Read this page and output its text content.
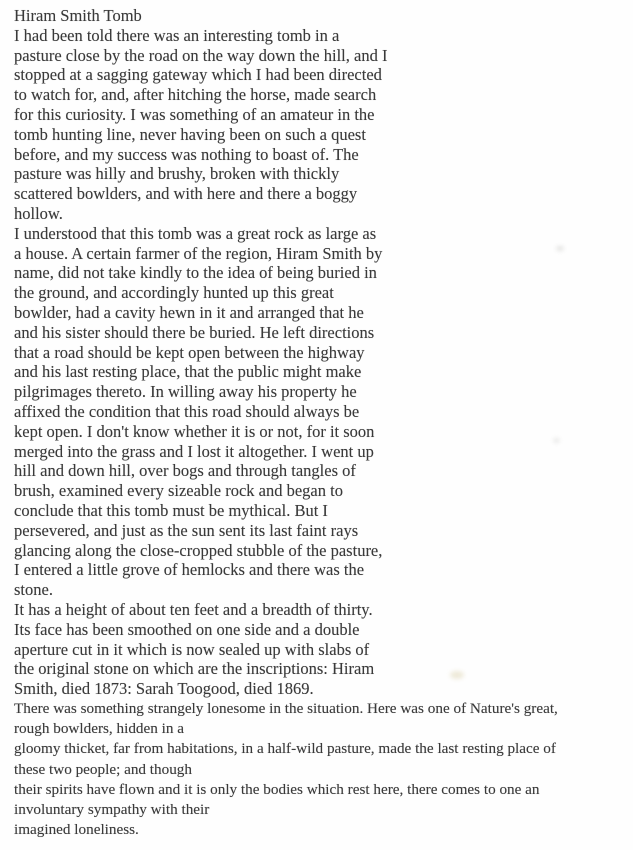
Hiram Smith Tomb
I had been told there was an interesting tomb in a
pasture close by the road on the way down the hill, and I
stopped at a sagging gateway which I had been directed
to watch for, and, after hitching the horse, made search
for this curiosity. I was something of an amateur in the
tomb hunting line, never having been on such a quest
before, and my success was nothing to boast of. The
pasture was hilly and brushy, broken with thickly
scattered bowlders, and with here and there a boggy
hollow.
I understood that this tomb was a great rock as large as
a house. A certain farmer of the region, Hiram Smith by
name, did not take kindly to the idea of being buried in
the ground, and accordingly hunted up this great
bowlder, had a cavity hewn in it and arranged that he
and his sister should there be buried. He left directions
that a road should be kept open between the highway
and his last resting place, that the public might make
pilgrimages thereto. In willing away his property he
affixed the condition that this road should always be
kept open. I don't know whether it is or not, for it soon
merged into the grass and I lost it altogether. I went up
hill and down hill, over bogs and through tangles of
brush, examined every sizeable rock and began to
conclude that this tomb must be mythical. But I
persevered, and just as the sun sent its last faint rays
glancing along the close-cropped stubble of the pasture,
I entered a little grove of hemlocks and there was the
stone.
It has a height of about ten feet and a breadth of thirty.
Its face has been smoothed on one side and a double
aperture cut in it which is now sealed up with slabs of
the original stone on which are the inscriptions: Hiram
Smith, died 1873: Sarah Toogood, died 1869.
There was something strangely lonesome in the situation. Here was one of Nature's great,
rough bowlders, hidden in a
gloomy thicket, far from habitations, in a half-wild pasture, made the last resting place of
these two people; and though
their spirits have flown and it is only the bodies which rest here, there comes to one an
involuntary sympathy with their
imagined loneliness.
